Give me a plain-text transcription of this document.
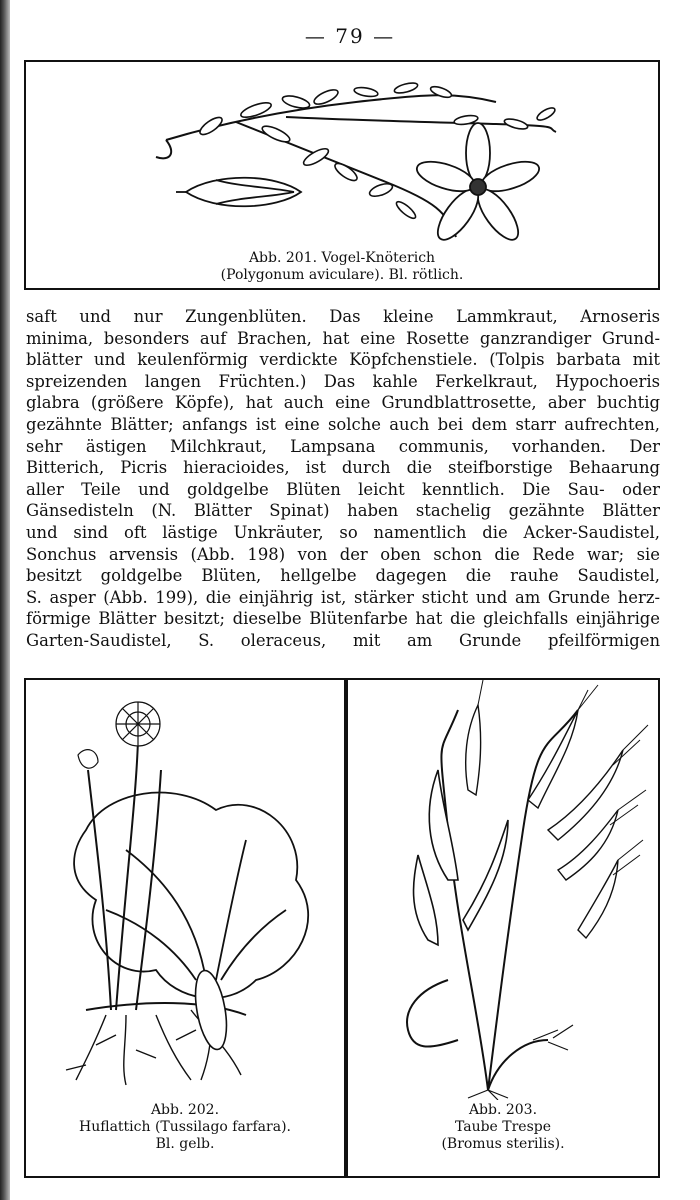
— 79 —
Abb. 201. Vogel-Knöterich
(Polygonum aviculare). Bl. rötlich.
saft und nur Zungenblüten. Das kleine Lammkraut, Arnoseris
minima, besonders auf Brachen, hat eine Rosette ganzrandiger Grund-
blätter und keulenförmig verdickte Köpfchenstiele. (Tolpis barbata mit
spreizenden langen Früchten.) Das kahle Ferkelkraut, Hypochoeris
glabra (größere Köpfe), hat auch eine Grundblattrosette, aber buchtig
gezähnte Blätter; anfangs ist eine solche auch bei dem starr aufrechten,
sehr ästigen Milchkraut, Lampsana communis, vorhanden. Der
Bitterich, Picris hieracioides, ist durch die steifborstige Behaarung
aller Teile und goldgelbe Blüten leicht kenntlich. Die Sau- oder
Gänsedisteln (N. Blätter Spinat) haben stachelig gezähnte Blätter
und sind oft lästige Unkräuter, so namentlich die Acker-Saudistel,
Sonchus arvensis (Abb. 198) von der oben schon die Rede war; sie
besitzt goldgelbe Blüten, hellgelbe dagegen die rauhe Saudistel,
S. asper (Abb. 199), die einjährig ist, stärker sticht und am Grunde herz-
förmige Blätter besitzt; dieselbe Blütenfarbe hat die gleichfalls einjährige
Garten-Saudistel, S. oleraceus, mit am Grunde pfeilförmigen
Abb. 202.
Huflattich (Tussilago farfara).
Bl. gelb.
Abb. 203.
Taube Trespe
(Bromus sterilis).
